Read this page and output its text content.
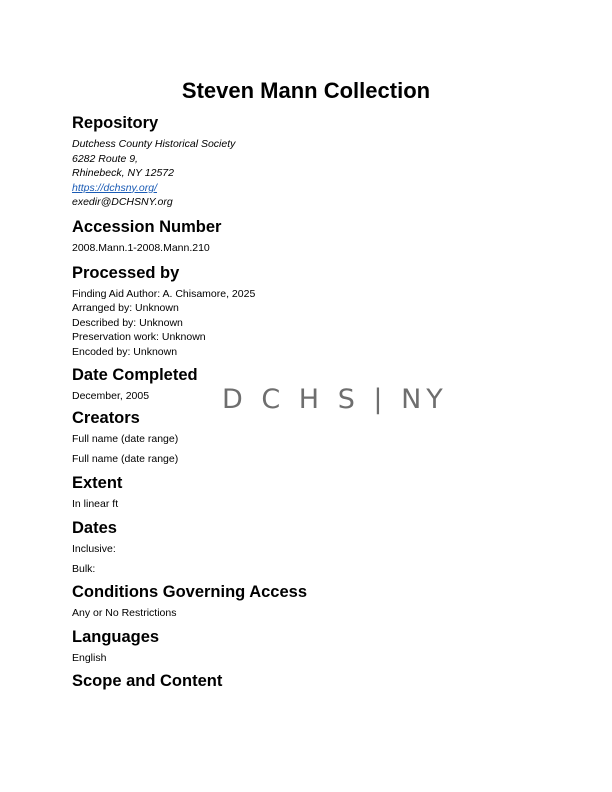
Steven Mann Collection
Repository

Dutchess County Historical Society

6282 Route 9,

Rhinebeck, NY 12572

https://dchsny.org/

exedir@DCHSNY.org

Accession Number

2008.Mann.1-2008.Mann.210

Processed by

Finding Aid Author: A. Chisamore, 2025

Arranged by: Unknown

Described by: Unknown

Preservation work: Unknown

Encoded by: Unknown

Date Completed

December, 2005

Creators

Full name (date range)

Full name (date range)

Extent

In linear ft

Dates

Inclusive:

Bulk:

Conditions Governing Access

Any or No Restrictions

Languages

English

Scope and Content
D C H S | NY
